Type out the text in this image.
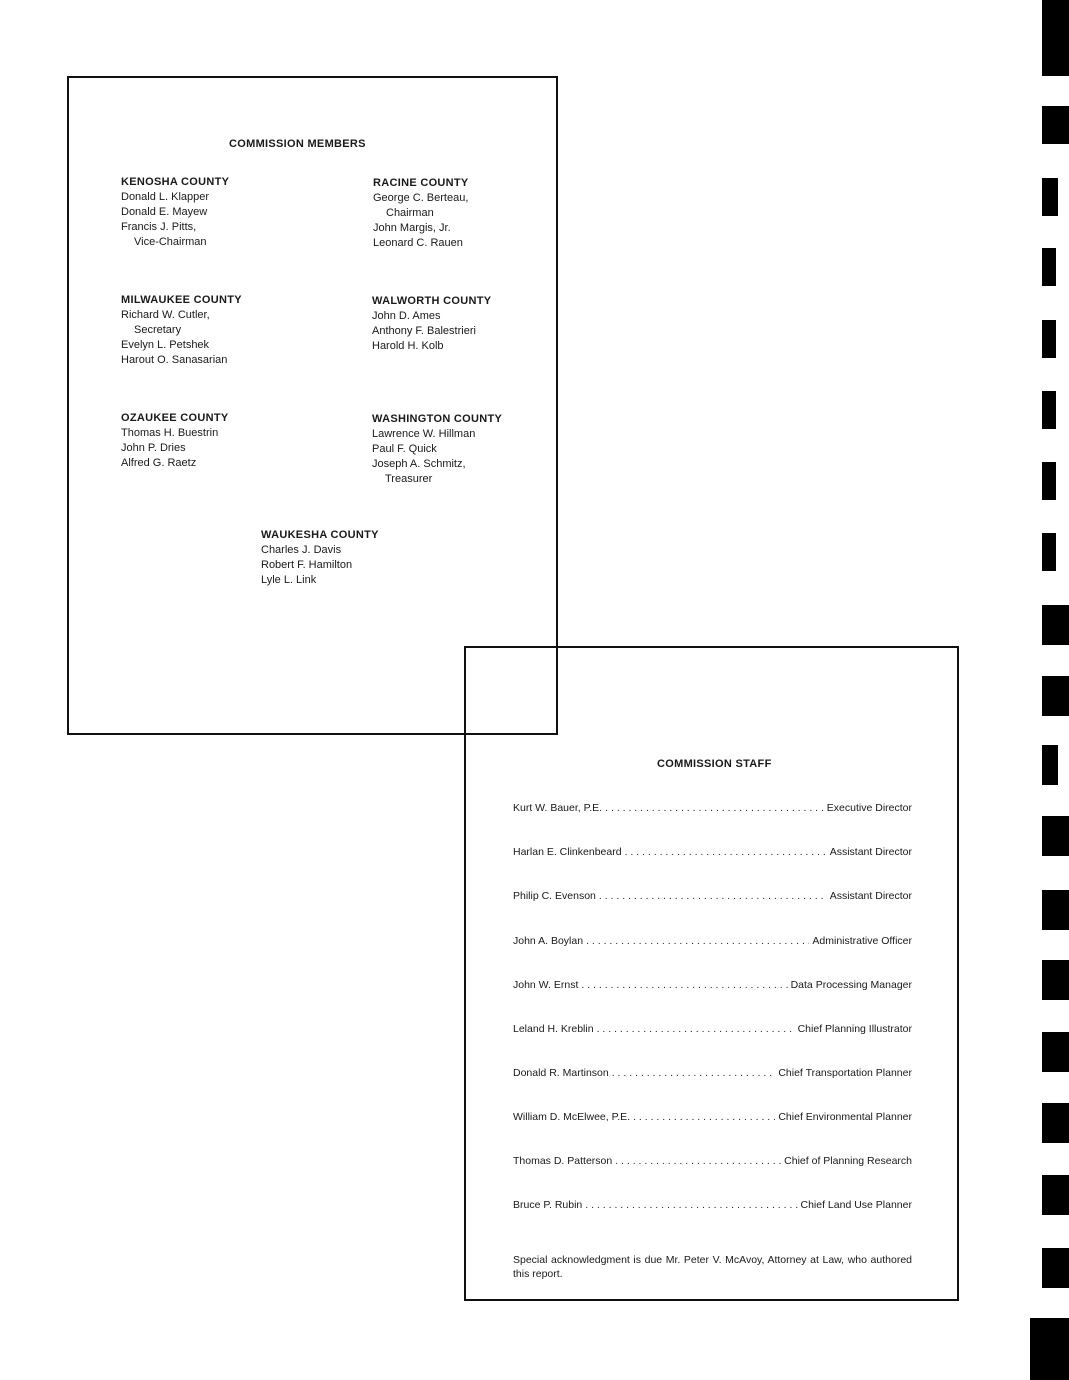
COMMISSION MEMBERS
KENOSHA COUNTY
Donald L. Klapper
Donald E. Mayew
Francis J. Pitts,
Vice-Chairman
RACINE COUNTY
George C. Berteau,
Chairman
John Margis, Jr.
Leonard C. Rauen
MILWAUKEE COUNTY
Richard W. Cutler,
Secretary
Evelyn L. Petshek
Harout O. Sanasarian
WALWORTH COUNTY
John D. Ames
Anthony F. Balestrieri
Harold H. Kolb
OZAUKEE COUNTY
Thomas H. Buestrin
John P. Dries
Alfred G. Raetz
WASHINGTON COUNTY
Lawrence W. Hillman
Paul F. Quick
Joseph A. Schmitz,
Treasurer
WAUKESHA COUNTY
Charles J. Davis
Robert F. Hamilton
Lyle L. Link
COMMISSION STAFF
Kurt W. Bauer, P.E. . . .	Executive Director
Harlan E. Clinkenbeard . . .	Assistant Director
Philip C. Evenson . . .	Assistant Director
John A. Boylan . . .	Administrative Officer
John W. Ernst . . .	Data Processing Manager
Leland H. Kreblin . . .	Chief Planning Illustrator
Donald R. Martinson . . .	Chief Transportation Planner
William D. McElwee, P.E. . . .	Chief Environmental Planner
Thomas D. Patterson . . .	Chief of Planning Research
Bruce P. Rubin . . .	Chief Land Use Planner
Special acknowledgment is due Mr. Peter V. McAvoy, Attorney at Law, who authored this report.
